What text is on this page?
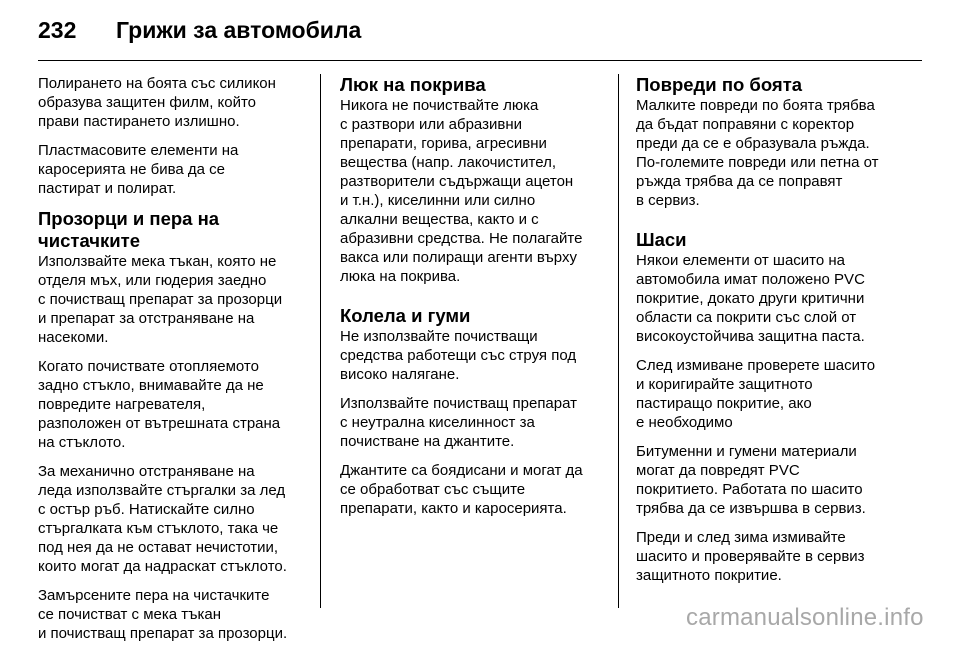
232 Грижи за автомобила

Полирането на боята със силикон
образува защитен филм, който
прави пастирането излишно.

Пластмасовите елементи на
каросерията не бива да се
пастират и полират.

Прозорци и пера на
чистачките

Използвайте мека тъкан, която не
отделя мъх, или гюдерия заедно
с почистващ препарат за прозорци
и препарат за отстраняване на
насекоми.

Когато почиствате отопляемото
задно стъкло, внимавайте да не
повредите нагревателя,
разположен от вътрешната страна
на стъклото.

За механично отстраняване на
леда използвайте стъргалки за лед
с остър ръб. Натискайте силно
стъргалката към стъклото, така че
под нея да не остават нечистотии,
които могат да надраскат стъклото.

Замърсените пера на чистачките
се почистват с мека тъкан
и почистващ препарат за прозорци.

Люк на покрива

Никога не почиствайте люка
с разтвори или абразивни
препарати, горива, агресивни
вещества (напр. лакочистител,
разтворители съдържащи ацетон
и т.н.), киселинни или силно
алкални вещества, както и с
абразивни средства. Не полагайте
вакса или полиращи агенти върху
люка на покрива.

Колела и гуми

Не използвайте почистващи
средства работещи със струя под
високо налягане.

Използвайте почистващ препарат
с неутрална киселинност за
почистване на джантите.

Джантите са боядисани и могат да
се обработват със същите
препарати, както и каросерията.

Повреди по боята

Малките повреди по боята трябва
да бъдат поправяни с коректор
преди да се е образувала ръжда.
По-големите повреди или петна от
ръжда трябва да се поправят
в сервиз.

Шаси

Някои елементи от шасито на
автомобила имат положено PVC
покритие, докато други критични
области са покрити със слой от
високоустойчива защитна паста.

След измиване проверете шасито
и коригирайте защитното
пастиращо покритие, ако
е необходимо

Битуменни и гумени материали
могат да повредят PVC
покритието. Работата по шасито
трябва да се извършва в сервиз.

Преди и след зима измивайте
шасито и проверявайте в сервиз
защитното покритие.

carmanualsonline.info
